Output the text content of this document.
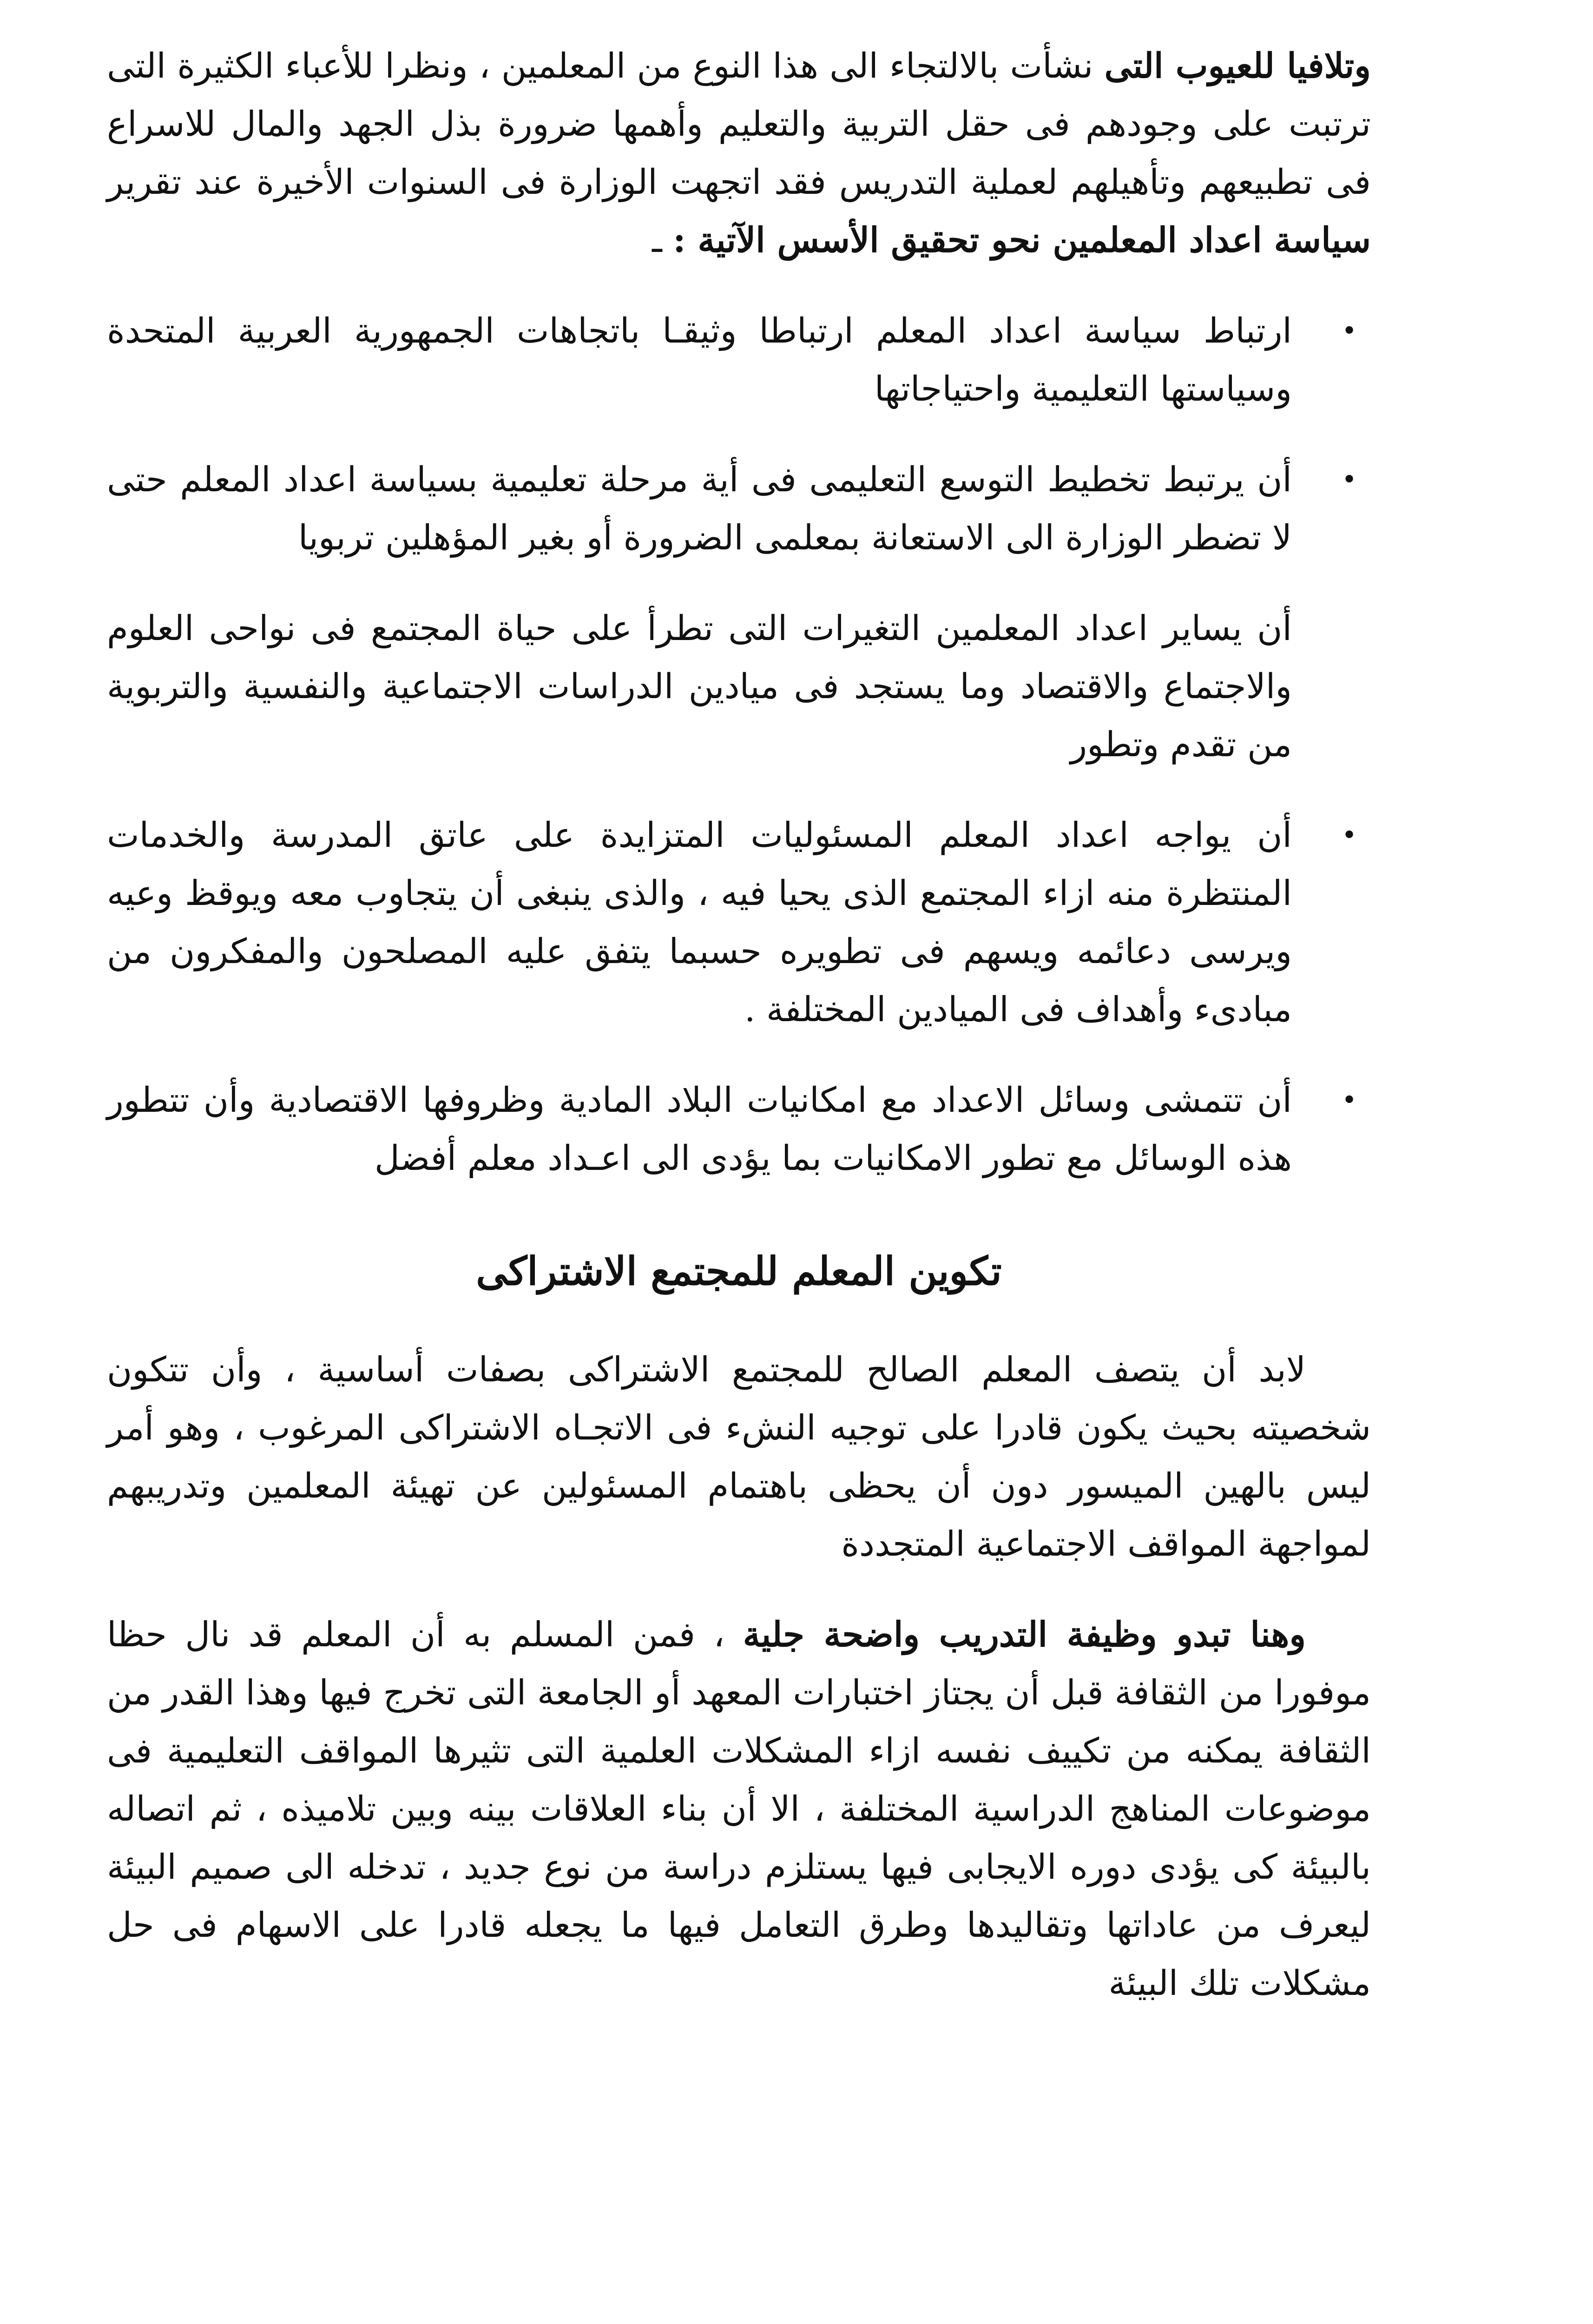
وتلافيا للعيوب التى نشأت بالالتجاء الى هذا النوع من المعلمين ، ونظرا للأعباء الكثيرة التى ترتبت على وجودهم فى حقل التربية والتعليم وأهمها ضرورة بذل الجهد والمال للاسراع فى تطبيعهم وتأهيلهم لعملية التدريس فقد اتجهت الوزارة فى السنوات الأخيرة عند تقرير سياسة اعداد المعلمين نحو تحقيق الأسس الآتية : ـ

•
ارتباط سياسة اعداد المعلم ارتباطا وثيقـا باتجاهات الجمهورية العربية المتحدة وسياستها التعليمية واحتياجاتها
•
أن يرتبط تخطيط التوسع التعليمى فى أية مرحلة تعليمية بسياسة اعداد المعلم حتى لا تضطر الوزارة الى الاستعانة بمعلمى الضرورة أو بغير المؤهلين تربويا
أن يساير اعداد المعلمين التغيرات التى تطرأ على حياة المجتمع فى نواحى العلوم والاجتماع والاقتصاد وما يستجد فى ميادين الدراسات الاجتماعية والنفسية والتربوية من تقدم وتطور
•
أن يواجه اعداد المعلم المسئوليات المتزايدة على عاتق المدرسة والخدمات المنتظرة منه ازاء المجتمع الذى يحيا فيه ، والذى ينبغى أن يتجاوب معه ويوقظ وعيه ويرسى دعائمه ويسهم فى تطويره حسبما يتفق عليه المصلحون والمفكرون من مبادىء وأهداف فى الميادين المختلفة .
•
أن تتمشى وسائل الاعداد مع امكانيات البلاد المادية وظروفها الاقتصادية وأن تتطور هذه الوسائل مع تطور الامكانيات بما يؤدى الى اعـداد معلم أفضل
تكوين المعلم للمجتمع الاشتراكى

لابد أن يتصف المعلم الصالح للمجتمع الاشتراكى بصفات أساسية ، وأن تتكون شخصيته بحيث يكون قادرا على توجيه النشء فى الاتجـاه الاشتراكى المرغوب ، وهو أمر ليس بالهين الميسور دون أن يحظى باهتمام المسئولين عن تهيئة المعلمين وتدريبهم لمواجهة المواقف الاجتماعية المتجددة

وهنا تبدو وظيفة التدريب واضحة جلية ، فمن المسلم به أن المعلم قد نال حظا موفورا من الثقافة قبل أن يجتاز اختبارات المعهد أو الجامعة التى تخرج فيها وهذا القدر من الثقافة يمكنه من تكييف نفسه ازاء المشكلات العلمية التى تثيرها المواقف التعليمية فى موضوعات المناهج الدراسية المختلفة ، الا أن بناء العلاقات بينه وبين تلاميذه ، ثم اتصاله بالبيئة كى يؤدى دوره الايجابى فيها يستلزم دراسة من نوع جديد ، تدخله الى صميم البيئة ليعرف من عاداتها وتقاليدها وطرق التعامل فيها ما يجعله قادرا على الاسهام فى حل مشكلات تلك البيئة
